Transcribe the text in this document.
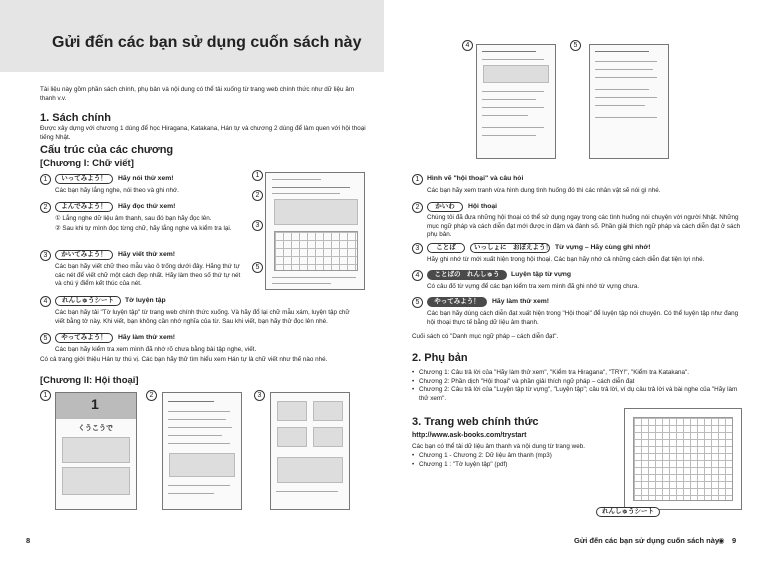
Gửi đến các bạn sử dụng cuốn sách này
Tài liệu này gồm phần sách chính, phụ bản và nội dung có thể tải xuống từ trang web chính thức như dữ liệu âm thanh v.v.
1. Sách chính
Được xây dựng với chương 1 dùng để học Hiragana, Katakana, Hán tự và chương 2 dùng để làm quen với hội thoại tiếng Nhật.
Cấu trúc của các chương
[Chương I: Chữ viết]
1	いってみよう！	Hãy nói thử xem!
Các bạn hãy lắng nghe, nói theo và ghi nhớ.
2	よんでみよう！	Hãy đọc thử xem!
① Lắng nghe dữ liệu âm thanh, sau đó bạn hãy đọc lên.
② Sau khi tự mình đọc từng chữ, hãy lắng nghe và kiểm tra lại.
3	かいてみよう！	Hãy viết thử xem!
Các bạn hãy viết chữ theo mẫu vào ô trống dưới đây. Hãng thứ tự các nét để viết chữ một cách đẹp nhất. Hãy làm theo số thứ tự nét và chú ý điểm kết thúc của nét.
4	れんしゅうシート	Tờ luyện tập
Các bạn hãy tải "Tờ luyện tập" từ trang web chính thức xuống. Và hãy đổ lại chữ mẫu xám, luyện tập chữ viết bằng tờ này. Khi viết, bạn không cần nhớ nghĩa của từ. Sau khi viết, bạn hãy thử đọc lên nhé.
5	やってみよう！	Hãy làm thử xem!
Các bạn hãy kiểm tra xem mình đã nhớ rõ chưa bằng bài tập nghe, viết.
Có cả trang giới thiệu Hán tự thú vị. Các bạn hãy thử tìm hiểu xem Hán tự là chữ viết như thế nào nhé.
1
2
3
5
[Chương II: Hội thoại]
1
1
くうこうで
2	3
8
4	5
1	Hình vẽ "hội thoại" và câu hỏi
Các bạn hãy xem tranh vừa hình dung tình huống đó thì các nhân vật sẽ nói gì nhé.
2	かいわ	Hội thoại
Chúng tôi đã đưa những hội thoại có thể sử dụng ngay trong các tình huống nói chuyện với người Nhật. Những mục ngữ pháp và cách diễn đạt mới được in đậm và đánh số. Phần giải thích ngữ pháp và cách diễn đạt ở sách phụ bản.
3	ことば	いっしょに　おぼえよう！ Từ vựng – Hãy cùng ghi nhớ!
Hãy ghi nhớ từ mới xuất hiện trong hội thoại. Các bạn hãy nhớ cả những cách diễn đạt tiện lợi nhé.
4	ことばの　れんしゅう	Luyện tập từ vựng
Có câu đố từ vựng để các bạn kiểm tra xem mình đã ghi nhớ từ vựng chưa.
5	やってみよう！	Hãy làm thử xem!
Các bạn hãy dùng cách diễn đạt xuất hiện trong "Hội thoại" để luyện tập nói chuyện. Có thể luyện tập như đang hội thoại thực tế bằng dữ liệu âm thanh.
Cuối sách có "Danh mục ngữ pháp – cách diễn đạt".
2. Phụ bản
• Chương 1: Câu trả lời của "Hãy làm thử xem", "Kiểm tra Hiragana", "TRY!", "Kiểm tra Katakana".
• Chương 2: Phần dịch "Hội thoại" và phần giải thích ngữ pháp – cách diễn đạt
• Chương 2: Câu trả lời của "Luyện tập từ vựng", "Luyện tập"; câu trả lời, ví dụ câu trả lời và bài nghe của "Hãy làm thử xem".
3. Trang web chính thức
http://www.ask-books.com/trystart
Các bạn có thể tải dữ liệu âm thanh và nội dung từ trang web.
• Chương 1 - Chương 2: Dữ liệu âm thanh (mp3)
• Chương 1 : "Tờ luyện tập" (pdf)
れんしゅうシート
Gửi đến các bạn sử dụng cuốn sách này
◉ 9
